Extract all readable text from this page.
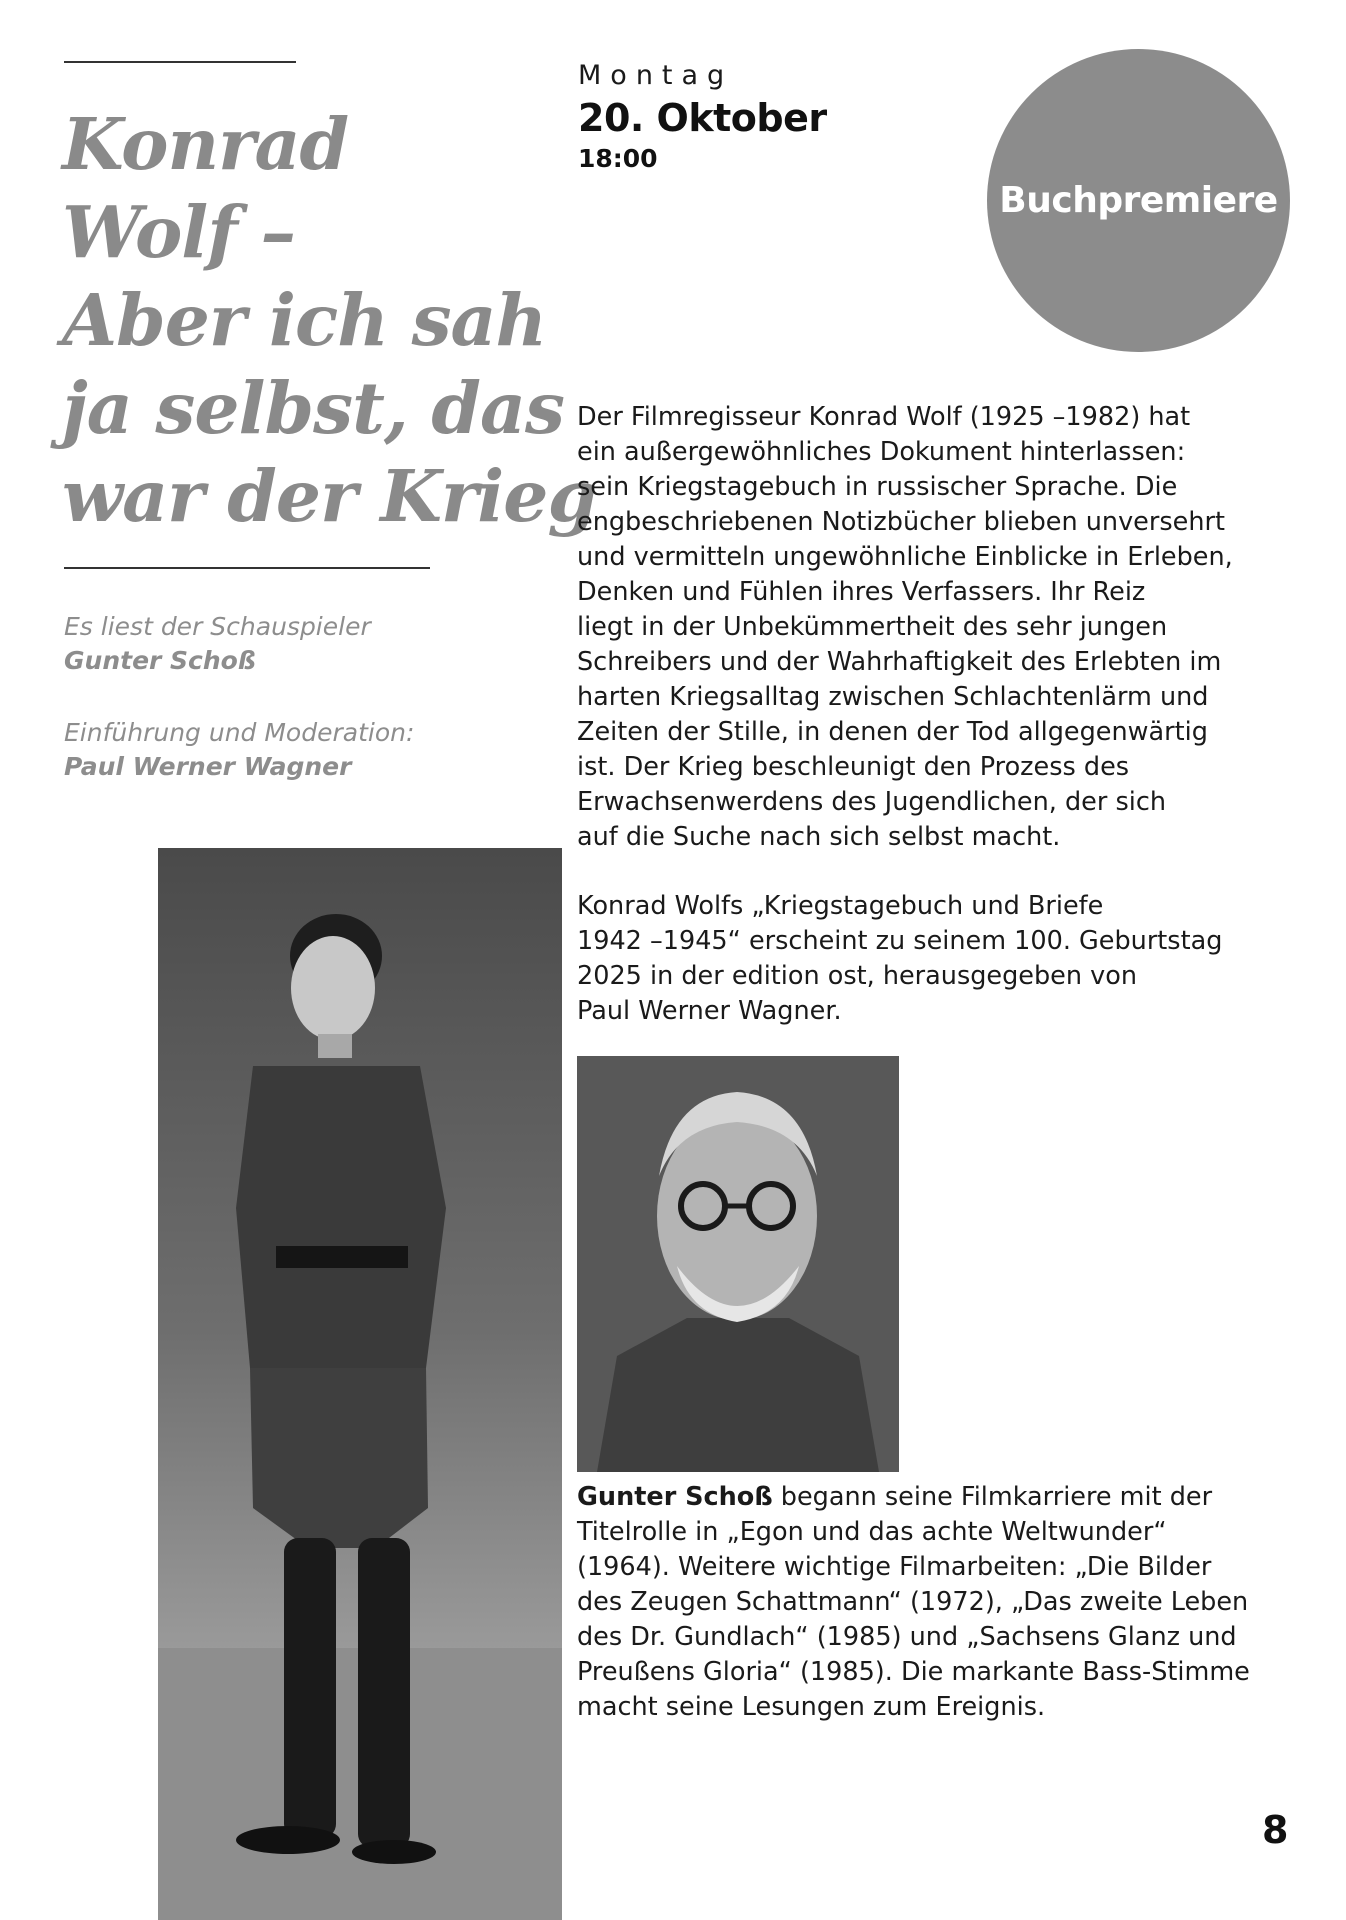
Konrad
Wolf –
Aber ich sah
ja selbst, das
war der Krieg
Es liest der Schauspieler
Gunter Schoß
Einführung und Moderation:
Paul Werner Wagner
Montag
20. Oktober
18:00
Buchpremiere
Der Filmregisseur Konrad Wolf (1925 –1982) hat
ein außergewöhnliches Dokument hinterlassen:
sein Kriegstagebuch in russischer Sprache. Die
engbeschriebenen Notizbücher blieben unversehrt
und vermitteln ungewöhnliche Einblicke in Erleben,
Denken und Fühlen ihres Verfassers. Ihr Reiz
liegt in der Unbekümmertheit des sehr jungen
Schreibers und der Wahrhaftigkeit des Erlebten im
harten Kriegsalltag zwischen Schlachtenlärm und
Zeiten der Stille, in denen der Tod allgegenwärtig
ist. Der Krieg beschleunigt den Prozess des
Erwachsenwerdens des Jugendlichen, der sich
auf die Suche nach sich selbst macht.
Konrad Wolfs „Kriegstagebuch und Briefe
1942 –1945“ erscheint zu seinem 100. Geburtstag
2025 in der edition ost, herausgegeben von
Paul Werner Wagner.
Gunter Schoß begann seine Filmkarriere mit der
Titelrolle in „Egon und das achte Weltwunder“
(1964). Weitere wichtige Filmarbeiten: „Die Bilder
des Zeugen Schattmann“ (1972), „Das zweite Leben
des Dr. Gundlach“ (1985) und „Sachsens Glanz und
Preußens Gloria“ (1985). Die markante Bass-Stimme
macht seine Lesungen zum Ereignis.
8
